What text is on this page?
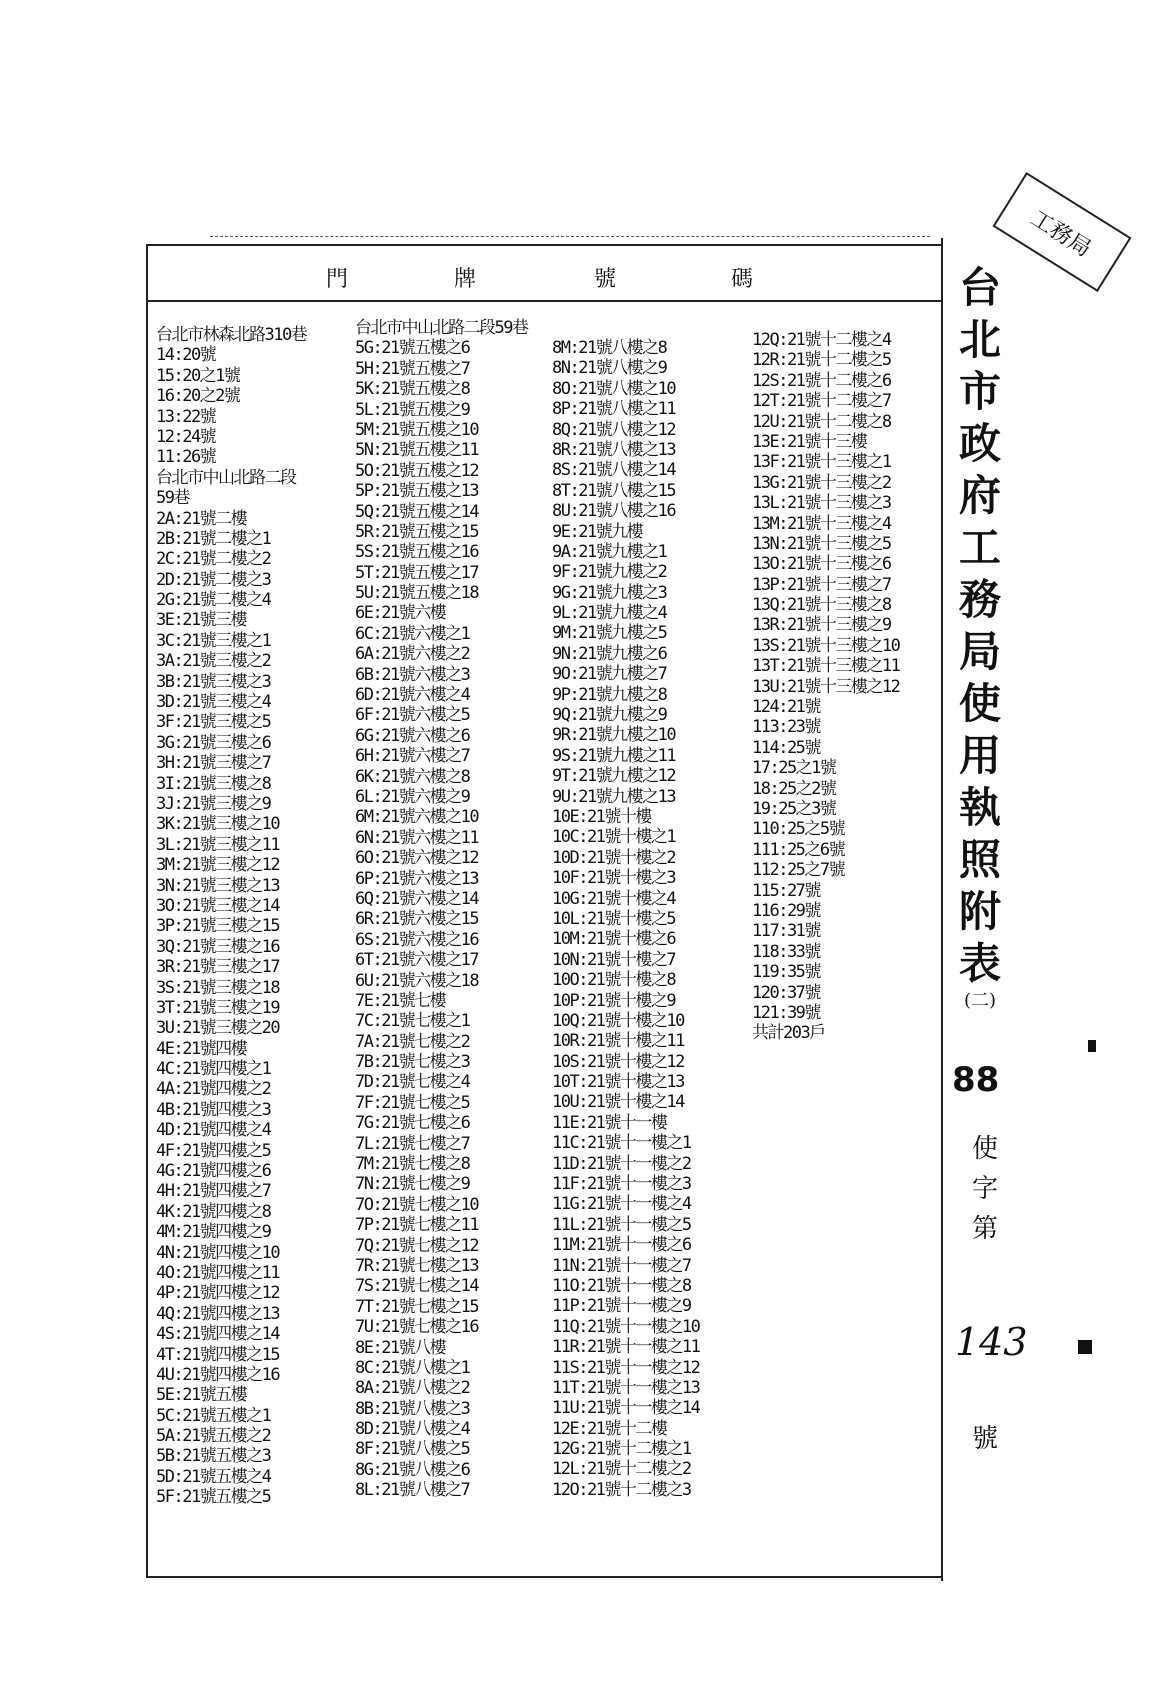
門	牌	號	碼
台北市林森北路310巷
14:20號
15:20之1號
16:20之2號
13:22號
12:24號
11:26號
台北市中山北路二段
59巷
2A:21號二樓
2B:21號二樓之1
2C:21號二樓之2
2D:21號二樓之3
2G:21號二樓之4
3E:21號三樓
3C:21號三樓之1
3A:21號三樓之2
3B:21號三樓之3
3D:21號三樓之4
3F:21號三樓之5
3G:21號三樓之6
3H:21號三樓之7
3I:21號三樓之8
3J:21號三樓之9
3K:21號三樓之10
3L:21號三樓之11
3M:21號三樓之12
3N:21號三樓之13
3O:21號三樓之14
3P:21號三樓之15
3Q:21號三樓之16
3R:21號三樓之17
3S:21號三樓之18
3T:21號三樓之19
3U:21號三樓之20
4E:21號四樓
4C:21號四樓之1
4A:21號四樓之2
4B:21號四樓之3
4D:21號四樓之4
4F:21號四樓之5
4G:21號四樓之6
4H:21號四樓之7
4K:21號四樓之8
4M:21號四樓之9
4N:21號四樓之10
4O:21號四樓之11
4P:21號四樓之12
4Q:21號四樓之13
4S:21號四樓之14
4T:21號四樓之15
4U:21號四樓之16
5E:21號五樓
5C:21號五樓之1
5A:21號五樓之2
5B:21號五樓之3
5D:21號五樓之4
5F:21號五樓之5
台北市中山北路二段59巷
5G:21號五樓之6
5H:21號五樓之7
5K:21號五樓之8
5L:21號五樓之9
5M:21號五樓之10
5N:21號五樓之11
5O:21號五樓之12
5P:21號五樓之13
5Q:21號五樓之14
5R:21號五樓之15
5S:21號五樓之16
5T:21號五樓之17
5U:21號五樓之18
6E:21號六樓
6C:21號六樓之1
6A:21號六樓之2
6B:21號六樓之3
6D:21號六樓之4
6F:21號六樓之5
6G:21號六樓之6
6H:21號六樓之7
6K:21號六樓之8
6L:21號六樓之9
6M:21號六樓之10
6N:21號六樓之11
6O:21號六樓之12
6P:21號六樓之13
6Q:21號六樓之14
6R:21號六樓之15
6S:21號六樓之16
6T:21號六樓之17
6U:21號六樓之18
7E:21號七樓
7C:21號七樓之1
7A:21號七樓之2
7B:21號七樓之3
7D:21號七樓之4
7F:21號七樓之5
7G:21號七樓之6
7L:21號七樓之7
7M:21號七樓之8
7N:21號七樓之9
7O:21號七樓之10
7P:21號七樓之11
7Q:21號七樓之12
7R:21號七樓之13
7S:21號七樓之14
7T:21號七樓之15
7U:21號七樓之16
8E:21號八樓
8C:21號八樓之1
8A:21號八樓之2
8B:21號八樓之3
8D:21號八樓之4
8F:21號八樓之5
8G:21號八樓之6
8L:21號八樓之7
8M:21號八樓之8
8N:21號八樓之9
8O:21號八樓之10
8P:21號八樓之11
8Q:21號八樓之12
8R:21號八樓之13
8S:21號八樓之14
8T:21號八樓之15
8U:21號八樓之16
9E:21號九樓
9A:21號九樓之1
9F:21號九樓之2
9G:21號九樓之3
9L:21號九樓之4
9M:21號九樓之5
9N:21號九樓之6
9O:21號九樓之7
9P:21號九樓之8
9Q:21號九樓之9
9R:21號九樓之10
9S:21號九樓之11
9T:21號九樓之12
9U:21號九樓之13
10E:21號十樓
10C:21號十樓之1
10D:21號十樓之2
10F:21號十樓之3
10G:21號十樓之4
10L:21號十樓之5
10M:21號十樓之6
10N:21號十樓之7
10O:21號十樓之8
10P:21號十樓之9
10Q:21號十樓之10
10R:21號十樓之11
10S:21號十樓之12
10T:21號十樓之13
10U:21號十樓之14
11E:21號十一樓
11C:21號十一樓之1
11D:21號十一樓之2
11F:21號十一樓之3
11G:21號十一樓之4
11L:21號十一樓之5
11M:21號十一樓之6
11N:21號十一樓之7
11O:21號十一樓之8
11P:21號十一樓之9
11Q:21號十一樓之10
11R:21號十一樓之11
11S:21號十一樓之12
11T:21號十一樓之13
11U:21號十一樓之14
12E:21號十二樓
12G:21號十二樓之1
12L:21號十二樓之2
12O:21號十二樓之3
12Q:21號十二樓之4
12R:21號十二樓之5
12S:21號十二樓之6
12T:21號十二樓之7
12U:21號十二樓之8
13E:21號十三樓
13F:21號十三樓之1
13G:21號十三樓之2
13L:21號十三樓之3
13M:21號十三樓之4
13N:21號十三樓之5
13O:21號十三樓之6
13P:21號十三樓之7
13Q:21號十三樓之8
13R:21號十三樓之9
13S:21號十三樓之10
13T:21號十三樓之11
13U:21號十三樓之12
124:21號
113:23號
114:25號
17:25之1號
18:25之2號
19:25之3號
110:25之5號
111:25之6號
112:25之7號
115:27號
116:29號
117:31號
118:33號
119:35號
120:37號
121:39號
共計203戶
台
北
市
政
府
工
務
局
使
用
執
照
附
表
(二)
88
使
字
第
143
號
工務局
